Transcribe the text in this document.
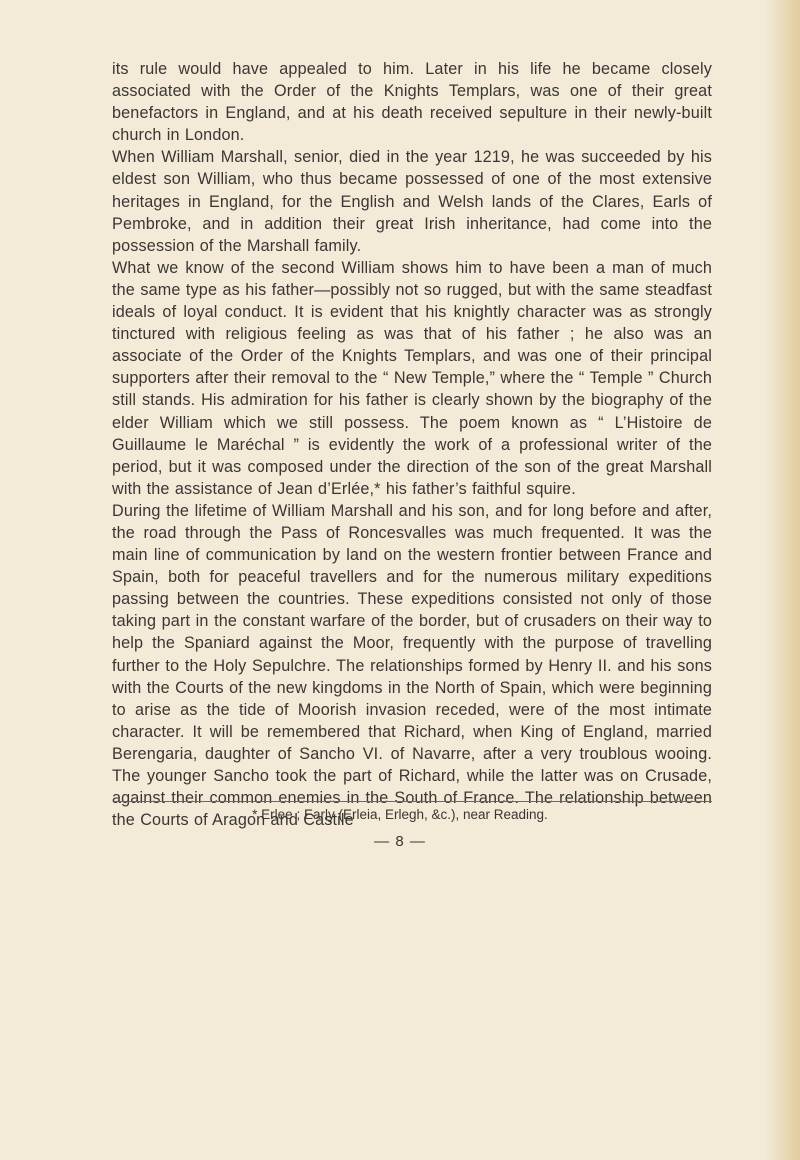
its rule would have appealed to him. Later in his life he became closely associated with the Order of the Knights Templars, was one of their great benefactors in England, and at his death received sepulture in their newly-built church in London.

When William Marshall, senior, died in the year 1219, he was succeeded by his eldest son William, who thus became possessed of one of the most extensive heritages in England, for the English and Welsh lands of the Clares, Earls of Pembroke, and in addition their great Irish inheritance, had come into the possession of the Marshall family.

What we know of the second William shows him to have been a man of much the same type as his father—possibly not so rugged, but with the same steadfast ideals of loyal conduct. It is evident that his knightly character was as strongly tinctured with religious feeling as was that of his father ; he also was an associate of the Order of the Knights Templars, and was one of their principal supporters after their removal to the “ New Temple,” where the “ Temple ” Church still stands. His admiration for his father is clearly shown by the biography of the elder William which we still possess. The poem known as “ L’Histoire de Guillaume le Maréchal ” is evidently the work of a professional writer of the period, but it was composed under the direction of the son of the great Marshall with the assistance of Jean d’Erlée,* his father’s faithful squire.

During the lifetime of William Marshall and his son, and for long before and after, the road through the Pass of Roncesvalles was much frequented. It was the main line of communication by land on the western frontier between France and Spain, both for peaceful travellers and for the numerous military expeditions passing between the countries. These expeditions consisted not only of those taking part in the constant warfare of the border, but of crusaders on their way to help the Spaniard against the Moor, frequently with the purpose of travelling further to the Holy Sepulchre. The relationships formed by Henry II. and his sons with the Courts of the new kingdoms in the North of Spain, which were beginning to arise as the tide of Moorish invasion receded, were of the most intimate character. It will be remembered that Richard, when King of England, married Berengaria, daughter of Sancho VI. of Navarre, after a very troublous wooing. The younger Sancho took the part of Richard, while the latter was on Crusade, against their common enemies in the South of France. The relationship between the Courts of Aragon and Castile

* Erlee ; Early (Erleia, Erlegh, &c.), near Reading.
— 8 —
